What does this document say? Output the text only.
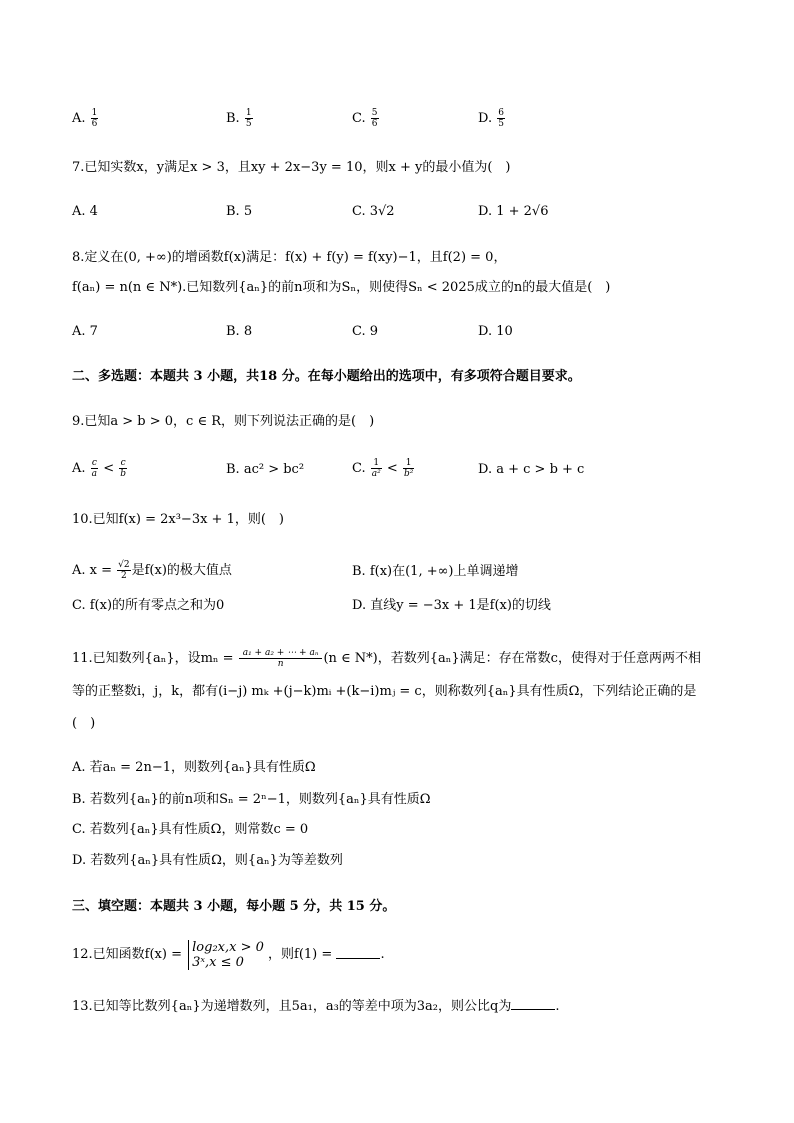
A. $\frac{1}{6}$	B. $\frac{1}{5}$	C. $\frac{5}{6}$	D. $\frac{6}{5}$
7.已知实数x，y满足x > 3，且xy + 2x−3y = 10，则x + y的最小值为(　)
A. 4	B. 5	C. 3√2	D. 1 + 2√6
8.定义在(0, +∞)的增函数f(x)满足：f(x) + f(y) = f(xy)−1，且f(2) = 0，
f(aₙ) = n(n ∈ N*).已知数列{aₙ}的前n项和为Sₙ，则使得Sₙ < 2025成立的n的最大值是(　)
A. 7	B. 8	C. 9	D. 10
二、多选题：本题共 3 小题，共18 分。在每小题给出的选项中，有多项符合题目要求。
9.已知a > b > 0，c ∈ R，则下列说法正确的是(　)
A. $\frac{c}{a} < \frac{c}{b}$	B. ac² > bc²	C. $\frac{1}{\text{a²}} < \frac{1}{\text{b²}}$	D. a + c > b + c
10.已知f(x) = 2x³−3x + 1，则(　)
A. $x = \frac{√2}{2}$ 是f(x)的极大值点	B. f(x)在(1, +∞)上单调递增
C. f(x)的所有零点之和为0	D. 直线y = −3x + 1是f(x)的切线
11.已知数列{aₙ}，设$m_n = \frac{\text{a₁ + a₂ + ⋯ + aₙ}}{n} (n$ ∈ N*)，若数列{aₙ}满足：存在常数c，使得对于任意两两不相
等的正整数i，j，k，都有(i−j) mₖ +(j−k)mᵢ +(k−i)mⱼ = c，则称数列{aₙ}具有性质Ω，下列结论正确的是
(　)
A. 若aₙ = 2n−1，则数列{aₙ}具有性质Ω
B. 若数列{aₙ}的前n项和Sₙ = 2ⁿ−1，则数列{aₙ}具有性质Ω
C. 若数列{aₙ}具有性质Ω，则常数c = 0
D. 若数列{aₙ}具有性质Ω，则{aₙ}为等差数列
三、填空题：本题共 3 小题，每小题 5 分，共 15 分。
12.已知函数f(x) = log₂x,x > 0
3ˣ,x ≤ 0
，则f(1) =	.
13.已知等比数列{aₙ}为递增数列，且5a₁，a₃的等差中项为3a₂，则公比q为	.
